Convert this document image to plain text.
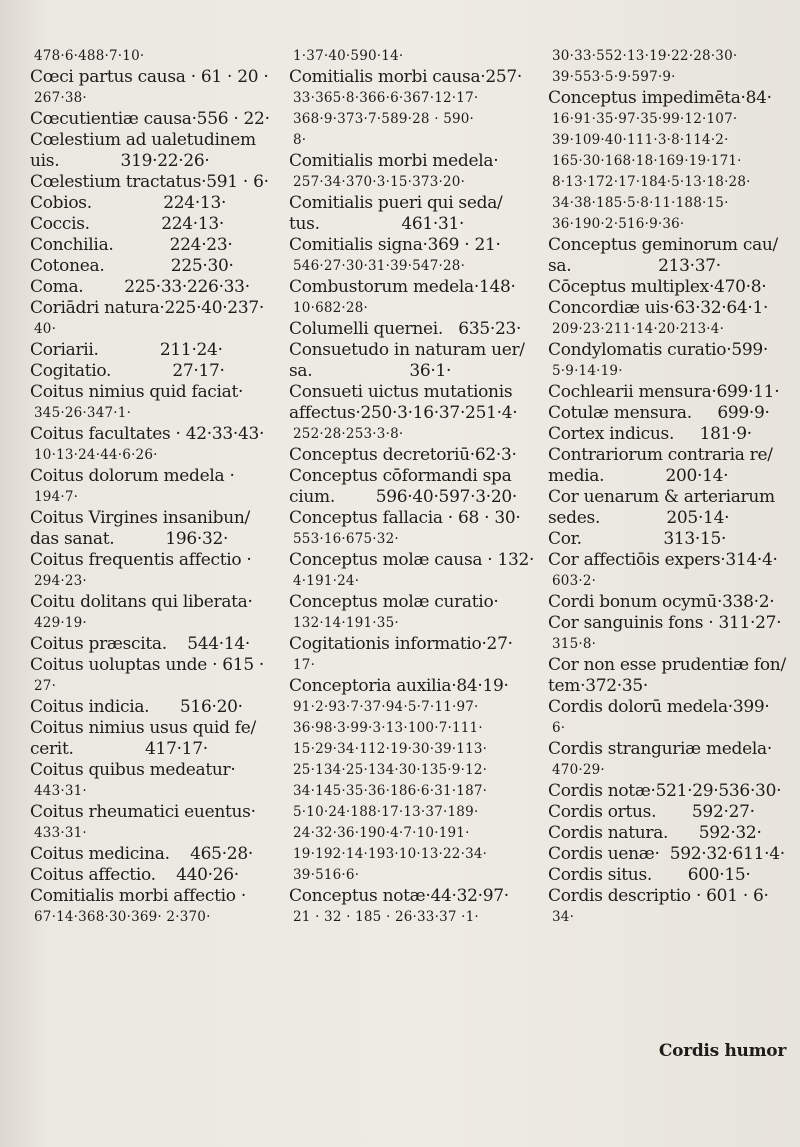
478·6·488·7·10·
Cœci partus causa · 61 · 20 ·
267·38·
Cœcutientiæ causa·556 · 22·
Cœlestium ad ualetudinem
uis.            319·22·26·
Cœlestium tractatus·591 · 6·
Cobios.              224·13·
Coccis.              224·13·
Conchilia.           224·23·
Cotonea.             225·30·
Coma.        225·33·226·33·
Coriādri natura·225·40·237·
40·
Coriarii.            211·24·
Cogitatio.            27·17·
Coitus nimius quid faciat·
345·26·347·1·
Coitus facultates · 42·33·43·
10·13·24·44·6·26·
Coitus dolorum medela ·
194·7·
Coitus Virgines insanibun/
das sanat.          196·32·
Coitus frequentis affectio ·
294·23·
Coitu dolitans qui liberata·
429·19·
Coitus præscita.    544·14·
Coitus uoluptas unde · 615 ·
27·
Coitus indicia.      516·20·
Coitus nimius usus quid fe/
cerit.              417·17·
Coitus quibus medeatur·
443·31·
Coitus rheumatici euentus·
433·31·
Coitus medicina.    465·28·
Coitus affectio.    440·26·
Comitialis morbi affectio ·
67·14·368·30·369· 2·370·
1·37·40·590·14·
Comitialis morbi causa·257·
33·365·8·366·6·367·12·17·
368·9·373·7·589·28 · 590·
8·
Comitialis morbi medela·
257·34·370·3·15·373·20·
Comitialis pueri qui seda/
tus.                461·31·
Comitialis signa·369 · 21·
546·27·30·31·39·547·28·
Combustorum medela·148·
10·682·28·
Columelli quernei.   635·23·
Consuetudo in naturam uer/
sa.                   36·1·
Consueti uictus mutationis
affectus·250·3·16·37·251·4·
252·28·253·3·8·
Conceptus decretoriū·62·3·
Conceptus cōformandi spa
cium.        596·40·597·3·20·
Conceptus fallacia · 68 · 30·
553·16·675·32·
Conceptus molæ causa · 132·
4·191·24·
Conceptus molæ curatio·
132·14·191·35·
Cogitationis informatio·27·
17·
Conceptoria auxilia·84·19·
91·2·93·7·37·94·5·7·11·97·
36·98·3·99·3·13·100·7·111·
15·29·34·112·19·30·39·113·
25·134·25·134·30·135·9·12·
34·145·35·36·186·6·31·187·
5·10·24·188·17·13·37·189·
24·32·36·190·4·7·10·191·
19·192·14·193·10·13·22·34·
39·516·6·
Conceptus notæ·44·32·97·
21 · 32 · 185 · 26·33·37 ·1·
30·33·552·13·19·22·28·30·
39·553·5·9·597·9·
Conceptus impedimēta·84·
16·91·35·97·35·99·12·107·
39·109·40·111·3·8·114·2·
165·30·168·18·169·19·171·
8·13·172·17·184·5·13·18·28·
34·38·185·5·8·11·188·15·
36·190·2·516·9·36·
Conceptus geminorum cau/
sa.                 213·37·
Cōceptus multiplex·470·8·
Concordiæ uis·63·32·64·1·
209·23·211·14·20·213·4·
Condylomatis curatio·599·
5·9·14·19·
Cochlearii mensura·699·11·
Cotulæ mensura.     699·9·
Cortex indicus.     181·9·
Contrariorum contraria re/
media.            200·14·
Cor uenarum & arteriarum
sedes.             205·14·
Cor.                313·15·
Cor affectiōis expers·314·4·
603·2·
Cordi bonum ocymū·338·2·
Cor sanguinis fons · 311·27·
315·8·
Cor non esse prudentiæ fon/
tem·372·35·
Cordis dolorū medela·399·
6·
Cordis stranguriæ medela·
470·29·
Cordis notæ·521·29·536·30·
Cordis ortus.       592·27·
Cordis natura.      592·32·
Cordis uenæ·  592·32·611·4·
Cordis situs.       600·15·
Cordis descriptio · 601 · 6·
34·
Cordis humor
